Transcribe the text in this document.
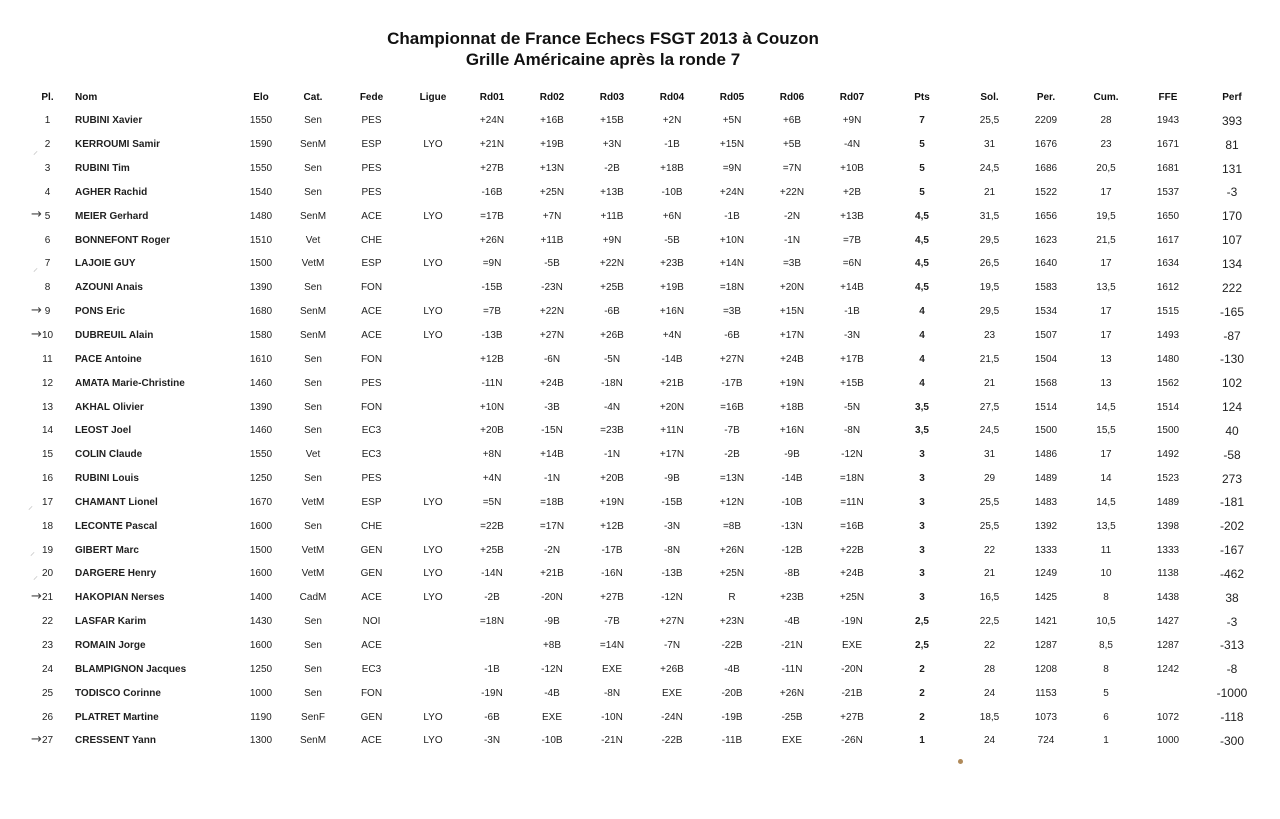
Championnat de France Echecs FSGT 2013 à Couzon
Grille Américaine après la ronde 7
Pl.	Nom	Elo	Cat.	Fede	Ligue	Rd01	Rd02	Rd03	Rd04	Rd05	Rd06	Rd07	Pts	Sol.	Per.	Cum.	FFE	Perf
1	RUBINI Xavier	1550	Sen	PES		+24N	+16B	+15B	+2N	+5N	+6B	+9N	7	25,5	2209	28	1943	393
2	KERROUMI Samir	1590	SenM	ESP	LYO	+21N	+19B	+3N	-1B	+15N	+5B	-4N	5	31	1676	23	1671	81
3	RUBINI Tim	1550	Sen	PES		+27B	+13N	-2B	+18B	=9N	=7N	+10B	5	24,5	1686	20,5	1681	131
4	AGHER Rachid	1540	Sen	PES		-16B	+25N	+13B	-10B	+24N	+22N	+2B	5	21	1522	17	1537	-3
5	MEIER Gerhard	1480	SenM	ACE	LYO	=17B	+7N	+11B	+6N	-1B	-2N	+13B	4,5	31,5	1656	19,5	1650	170
6	BONNEFONT Roger	1510	Vet	CHE		+26N	+11B	+9N	-5B	+10N	-1N	=7B	4,5	29,5	1623	21,5	1617	107
7	LAJOIE GUY	1500	VetM	ESP	LYO	=9N	-5B	+22N	+23B	+14N	=3B	=6N	4,5	26,5	1640	17	1634	134
8	AZOUNI Anais	1390	Sen	FON		-15B	-23N	+25B	+19B	=18N	+20N	+14B	4,5	19,5	1583	13,5	1612	222
9	PONS Eric	1680	SenM	ACE	LYO	=7B	+22N	-6B	+16N	=3B	+15N	-1B	4	29,5	1534	17	1515	-165
10	DUBREUIL Alain	1580	SenM	ACE	LYO	-13B	+27N	+26B	+4N	-6B	+17N	-3N	4	23	1507	17	1493	-87
11	PACE Antoine	1610	Sen	FON		+12B	-6N	-5N	-14B	+27N	+24B	+17B	4	21,5	1504	13	1480	-130
12	AMATA Marie-Christine	1460	Sen	PES		-11N	+24B	-18N	+21B	-17B	+19N	+15B	4	21	1568	13	1562	102
13	AKHAL Olivier	1390	Sen	FON		+10N	-3B	-4N	+20N	=16B	+18B	-5N	3,5	27,5	1514	14,5	1514	124
14	LEOST Joel	1460	Sen	EC3		+20B	-15N	=23B	+11N	-7B	+16N	-8N	3,5	24,5	1500	15,5	1500	40
15	COLIN Claude	1550	Vet	EC3		+8N	+14B	-1N	+17N	-2B	-9B	-12N	3	31	1486	17	1492	-58
16	RUBINI Louis	1250	Sen	PES		+4N	-1N	+20B	-9B	=13N	-14B	=18N	3	29	1489	14	1523	273
17	CHAMANT Lionel	1670	VetM	ESP	LYO	=5N	=18B	+19N	-15B	+12N	-10B	=11N	3	25,5	1483	14,5	1489	-181
18	LECONTE Pascal	1600	Sen	CHE		=22B	=17N	+12B	-3N	=8B	-13N	=16B	3	25,5	1392	13,5	1398	-202
19	GIBERT Marc	1500	VetM	GEN	LYO	+25B	-2N	-17B	-8N	+26N	-12B	+22B	3	22	1333	11	1333	-167
20	DARGERE Henry	1600	VetM	GEN	LYO	-14N	+21B	-16N	-13B	+25N	-8B	+24B	3	21	1249	10	1138	-462
21	HAKOPIAN Nerses	1400	CadM	ACE	LYO	-2B	-20N	+27B	-12N	R	+23B	+25N	3	16,5	1425	8	1438	38
22	LASFAR Karim	1430	Sen	NOI		=18N	-9B	-7B	+27N	+23N	-4B	-19N	2,5	22,5	1421	10,5	1427	-3
23	ROMAIN Jorge	1600	Sen	ACE			+8B	=14N	-7N	-22B	-21N	EXE	2,5	22	1287	8,5	1287	-313
24	BLAMPIGNON Jacques	1250	Sen	EC3		-1B	-12N	EXE	+26B	-4B	-11N	-20N	2	28	1208	8	1242	-8
25	TODISCO Corinne	1000	Sen	FON		-19N	-4B	-8N	EXE	-20B	+26N	-21B	2	24	1153	5		-1000
26	PLATRET Martine	1190	SenF	GEN	LYO	-6B	EXE	-10N	-24N	-19B	-25B	+27B	2	18,5	1073	6	1072	-118
27	CRESSENT Yann	1300	SenM	ACE	LYO	-3N	-10B	-21N	-22B	-11B	EXE	-26N	1	24	724	1	1000	-300
→
→
→
→
→
⸝
⸝
⸝
⸝
⸝
